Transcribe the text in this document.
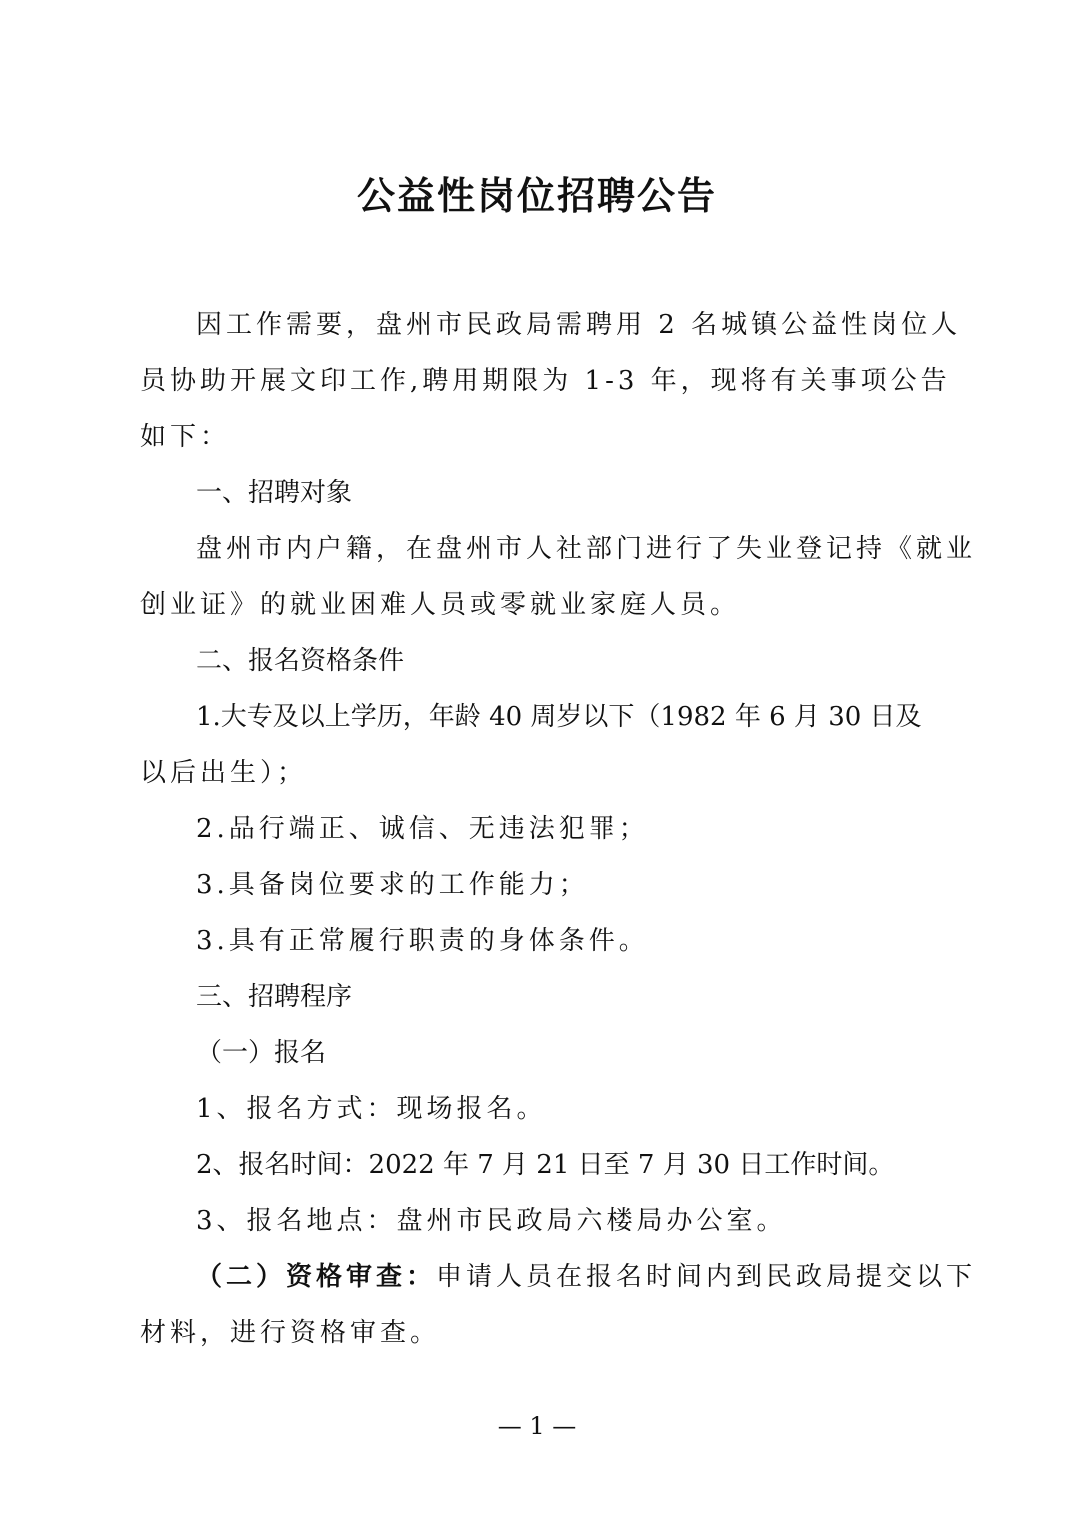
公益性岗位招聘公告
因工作需要，盘州市民政局需聘用 2 名城镇公益性岗位人
员协助开展文印工作,聘用期限为 1-3 年，现将有关事项公告
如下：
一、招聘对象
盘州市内户籍，在盘州市人社部门进行了失业登记持《就业
创业证》的就业困难人员或零就业家庭人员。
二、报名资格条件
1.大专及以上学历，年龄 40 周岁以下（1982 年 6 月 30 日及
以后出生）；
2.品行端正、诚信、无违法犯罪；
3.具备岗位要求的工作能力；
3.具有正常履行职责的身体条件。
三、招聘程序
（一）报名
1、报名方式：现场报名。
2、报名时间：2022 年 7 月 21 日至 7 月 30 日工作时间。
3、报名地点：盘州市民政局六楼局办公室。
（二）资格审查：申请人员在报名时间内到民政局提交以下
材料，进行资格审查。
— 1 —
